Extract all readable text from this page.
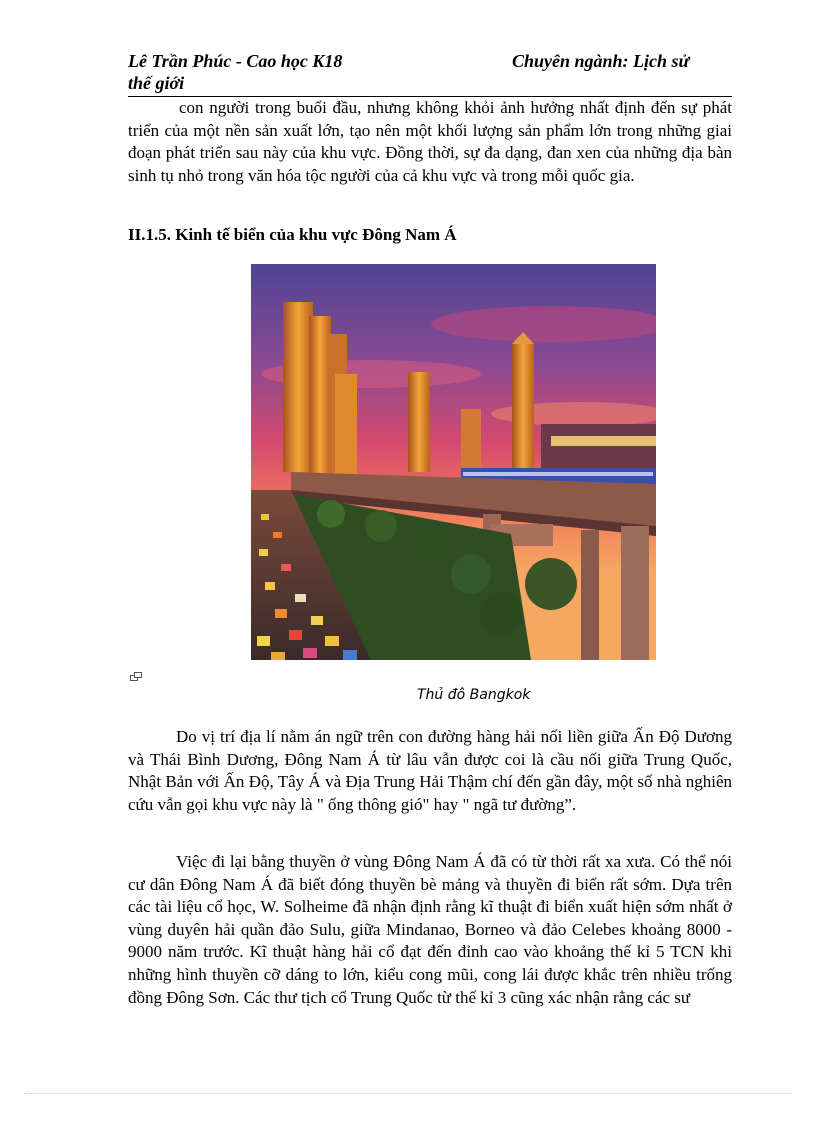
Lê Trần Phúc - Cao học K18	Chuyên ngành: Lịch sử
thế giới

con người trong buổi đầu, nhưng không khỏi ảnh hưởng nhất định đến sự phát triển của một nền sản xuất lớn, tạo nên một khối lượng sản phẩm lớn trong những giai đoạn phát triển sau này của khu vực. Đồng thời, sự đa dạng, đan xen của những địa bàn sinh tụ nhỏ trong văn hóa tộc người của cả khu vực và trong mỗi quốc gia.

II.1.5. Kinh tế biển của khu vực Đông Nam Á
Thủ đô Bangkok

Do vị trí địa lí nằm án ngữ trên con đường hàng hải nối liền giữa Ấn Độ Dương và Thái Bình Dương, Đông Nam Á từ lâu vẫn được coi là cầu nối giữa Trung Quốc, Nhật Bản với Ấn Độ, Tây Á và Địa Trung Hải Thậm chí đến gần đây, một số nhà nghiên cứu vẫn gọi khu vực này là " ống thông gió" hay " ngã tư đường”.

Việc đi lại bằng thuyền ở vùng Đông Nam Á đã có từ thời rất xa xưa. Có thể nói cư dân Đông Nam Á đã biết đóng thuyền bè mảng và thuyền đi biển rất sớm. Dựa trên các tài liệu cổ học, W. Solheime đã nhận định rằng kĩ thuật đi biển xuất hiện sớm nhất ở vùng duyên hải quần đảo Sulu, giữa Mindanao, Borneo và đảo Celebes khoảng 8000 - 9000 năm trước. Kĩ thuật hàng hải cổ đạt đến đỉnh cao vào khoảng thế kỉ 5 TCN khi những hình thuyền cỡ dáng to lớn, kiểu cong mũi, cong lái được khắc trên nhiều trống đồng Đông Sơn. Các thư tịch cổ Trung Quốc từ thế kỉ 3 cũng xác nhận rằng các sư
